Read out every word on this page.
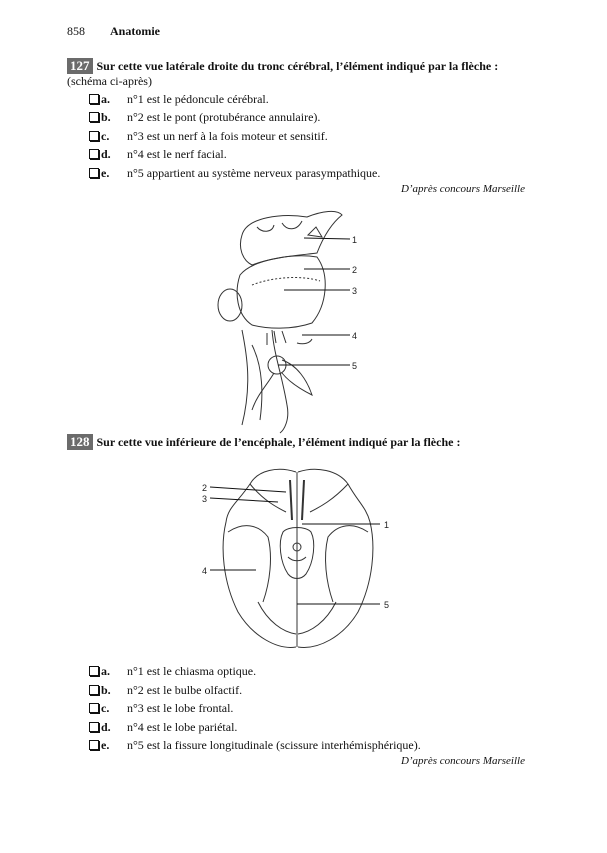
858 Anatomie
127 Sur cette vue latérale droite du tronc cérébral, l’élément indiqué par la flèche :
(schéma ci-après)
a. n°1 est le pédoncule cérébral.
b. n°2 est le pont (protubérance annulaire).
c. n°3 est un nerf à la fois moteur et sensitif.
d. n°4 est le nerf facial.
e. n°5 appartient au système nerveux parasympathique.
D’après concours Marseille
1
2
3
4
5
128 Sur cette vue inférieure de l’encéphale, l’élément indiqué par la flèche :
2
3
1
4
5
a. n°1 est le chiasma optique.
b. n°2 est le bulbe olfactif.
c. n°3 est le lobe frontal.
d. n°4 est le lobe pariétal.
e. n°5 est la fissure longitudinale (scissure interhémisphérique).
D’après concours Marseille
